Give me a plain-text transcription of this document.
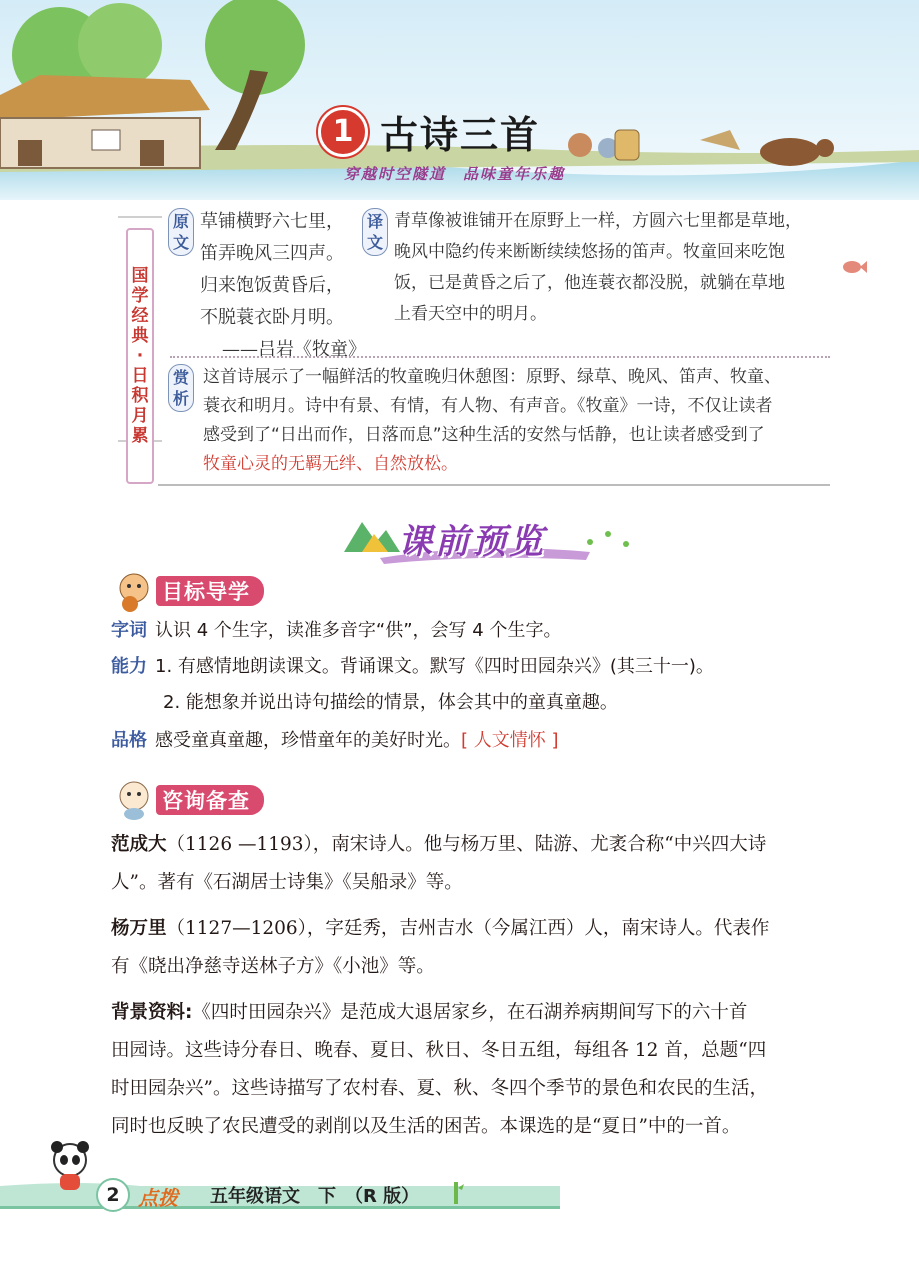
1 古诗三首
穿越时空隧道　品味童年乐趣
国
学
经
典
·
日
积
月
累
原
文
草铺横野六七里，
笛弄晚风三四声。
归来饱饭黄昏后，
不脱蓑衣卧月明。
——吕岩《牧童》
译
文
青草像被谁铺开在原野上一样，方圆六七里都是草地，
晚风中隐约传来断断续续悠扬的笛声。牧童回来吃饱
饭，已是黄昏之后了，他连蓑衣都没脱，就躺在草地
上看天空中的明月。
赏
析
这首诗展示了一幅鲜活的牧童晚归休憩图：原野、绿草、晚风、笛声、牧童、
蓑衣和明月。诗中有景、有情，有人物、有声音。《牧童》一诗，不仅让读者
感受到了“日出而作，日落而息”这种生活的安然与恬静，也让读者感受到了
牧童心灵的无羁无绊、自然放松。
课前预览
目标导学
字词 认识 4 个生字，读准多音字“供”，会写 4 个生字。
能力 1. 有感情地朗读课文。背诵课文。默写《四时田园杂兴》(其三十一)。
2. 能想象并说出诗句描绘的情景，体会其中的童真童趣。
品格 感受童真童趣，珍惜童年的美好时光。[ 人文情怀 ]
咨询备查
范成大（1126 —1193），南宋诗人。他与杨万里、陆游、尤袤合称“中兴四大诗
人”。著有《石湖居士诗集》《吴船录》等。
杨万里（1127—1206），字廷秀，吉州吉水（今属江西）人，南宋诗人。代表作
有《晓出净慈寺送林子方》《小池》等。
背景资料:《四时田园杂兴》是范成大退居家乡，在石湖养病期间写下的六十首
田园诗。这些诗分春日、晚春、夏日、秋日、冬日五组，每组各 12 首，总题“四
时田园杂兴”。这些诗描写了农村春、夏、秋、冬四个季节的景色和农民的生活，
同时也反映了农民遭受的剥削以及生活的困苦。本课选的是“夏日”中的一首。
2 点拨 五年级语文　下　（R 版）
